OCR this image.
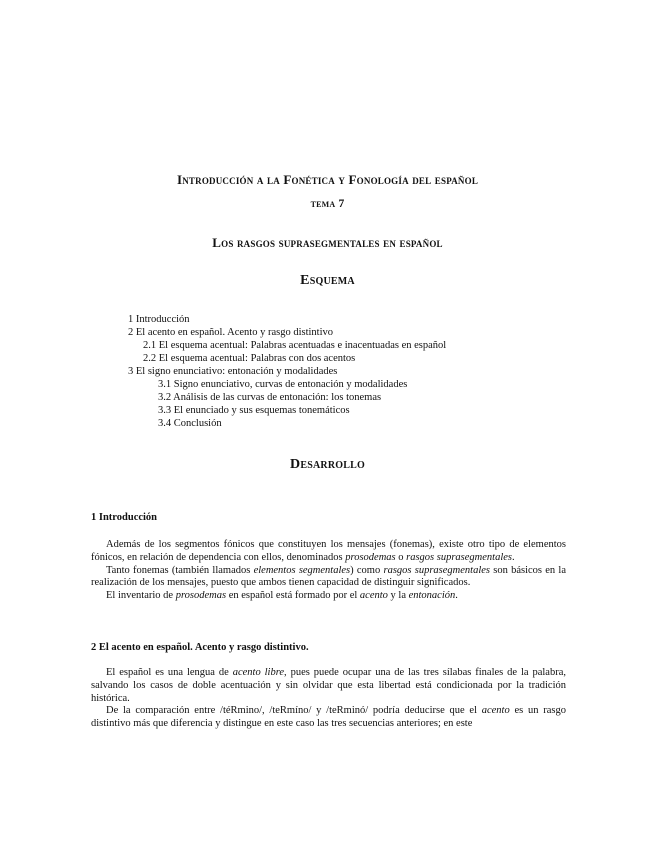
Introducción a la Fonética y Fonología del español
tema 7
Los rasgos suprasegmentales en español
Esquema
1 Introducción
2 El acento en español. Acento y rasgo distintivo
2.1 El esquema acentual: Palabras acentuadas e inacentuadas en español
2.2 El esquema acentual: Palabras con dos acentos
3 El signo enunciativo: entonación y modalidades
3.1 Signo enunciativo, curvas de entonación y modalidades
3.2 Análisis de las curvas de entonación: los tonemas
3.3 El enunciado y sus esquemas tonemáticos
3.4 Conclusión
Desarrollo
1 Introducción

Además de los segmentos fónicos que constituyen los mensajes (fonemas), existe otro tipo de elementos fónicos, en relación de dependencia con ellos, denominados prosodemas o rasgos suprasegmentales.

Tanto fonemas (también llamados elementos segmentales) como rasgos suprasegmentales son básicos en la realización de los mensajes, puesto que ambos tienen capacidad de distinguir significados.

El inventario de prosodemas en español está formado por el acento y la entonación.

2 El acento en español. Acento y rasgo distintivo.

El español es una lengua de acento libre, pues puede ocupar una de las tres sílabas finales de la palabra, salvando los casos de doble acentuación y sin olvidar que esta libertad está condicionada por la tradición histórica.

De la comparación entre /téRmino/, /teRmíno/ y /teRminó/ podría deducirse que el acento es un rasgo distintivo más que diferencia y distingue en este caso las tres secuencias anteriores; en este
